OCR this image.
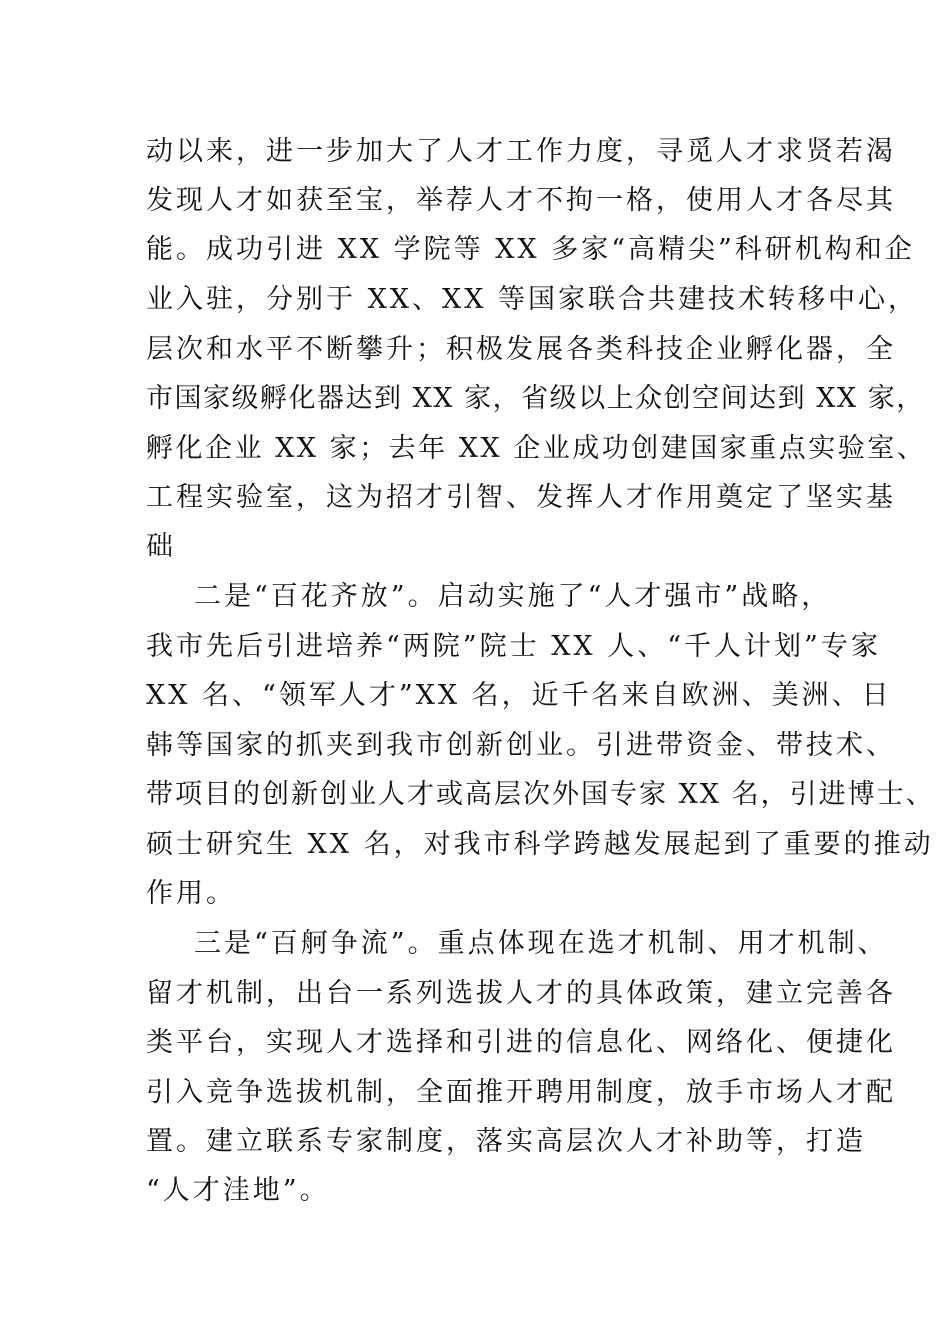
动以来，进一步加大了人才工作力度，寻觅人才求贤若渴
发现人才如获至宝，举荐人才不拘一格，使用人才各尽其
能。成功引进 XX 学院等 XX 多家“高精尖”科研机构和企
业入驻，分别于 XX、XX 等国家联合共建技术转移中心，
层次和水平不断攀升；积极发展各类科技企业孵化器，全
市国家级孵化器达到 XX 家，省级以上众创空间达到 XX 家，
孵化企业 XX 家；去年 XX 企业成功创建国家重点实验室、
工程实验室，这为招才引智、发挥人才作用奠定了坚实基
础
二是“百花齐放”。启动实施了“人才强市”战略，
我市先后引进培养“两院”院士 XX 人、“千人计划”专家
XX 名、“领军人才”XX 名，近千名来自欧洲、美洲、日
韩等国家的抓夹到我市创新创业。引进带资金、带技术、
带项目的创新创业人才或高层次外国专家 XX 名，引进博士、
硕士研究生 XX 名，对我市科学跨越发展起到了重要的推动
作用。
三是“百舸争流”。重点体现在选才机制、用才机制、
留才机制，出台一系列选拔人才的具体政策，建立完善各
类平台，实现人才选择和引进的信息化、网络化、便捷化
引入竞争选拔机制，全面推开聘用制度，放手市场人才配
置。建立联系专家制度，落实高层次人才补助等，打造
“人才洼地”。
